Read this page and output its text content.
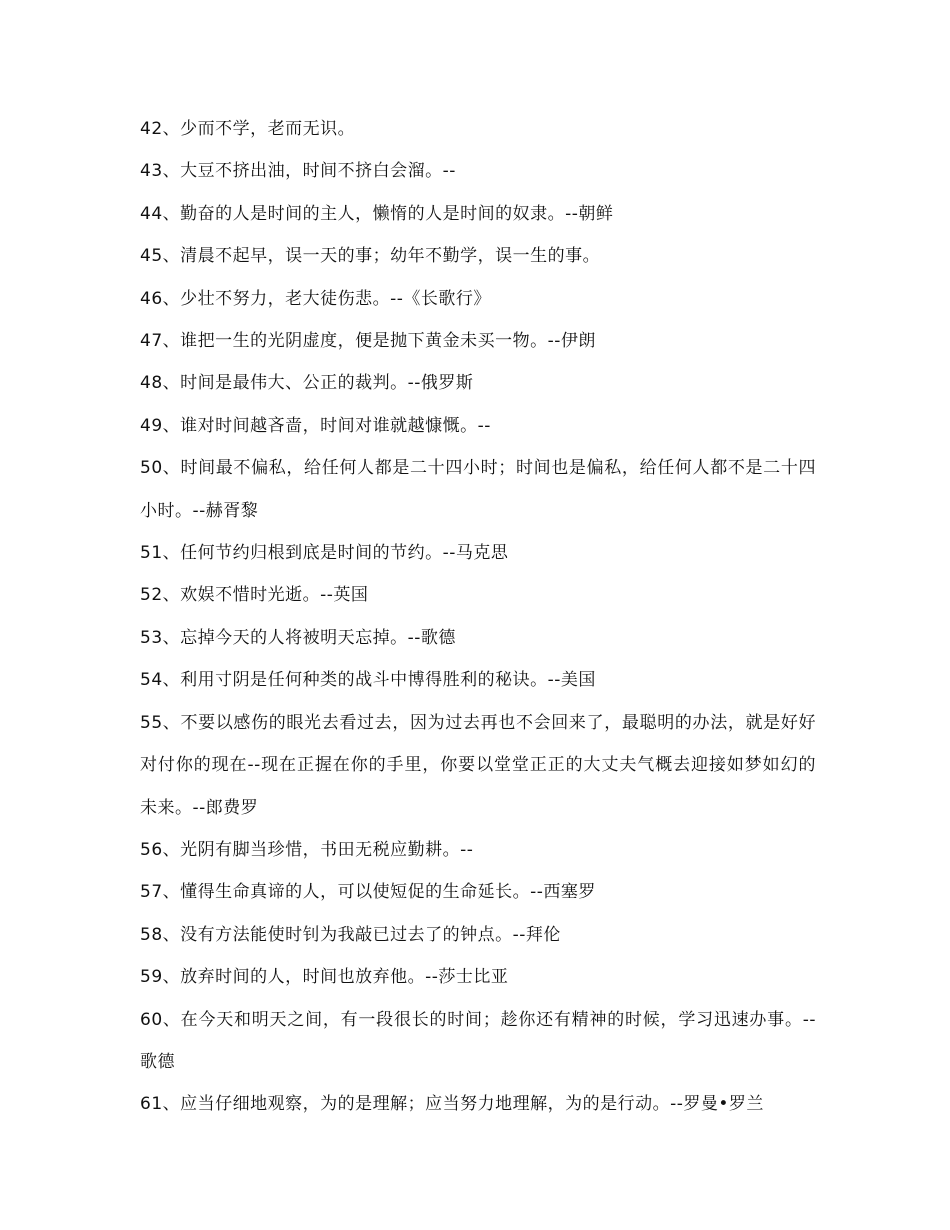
42、少而不学，老而无识。

43、大豆不挤出油，时间不挤白会溜。--

44、勤奋的人是时间的主人，懒惰的人是时间的奴隶。--朝鲜

45、清晨不起早，误一天的事；幼年不勤学，误一生的事。

46、少壮不努力，老大徒伤悲。--《长歌行》

47、谁把一生的光阴虚度，便是抛下黄金未买一物。--伊朗

48、时间是最伟大、公正的裁判。--俄罗斯

49、谁对时间越吝啬，时间对谁就越慷慨。--

50、时间最不偏私，给任何人都是二十四小时；时间也是偏私，给任何人都不是二十四小时。--赫胥黎

51、任何节约归根到底是时间的节约。--马克思

52、欢娱不惜时光逝。--英国

53、忘掉今天的人将被明天忘掉。--歌德

54、利用寸阴是任何种类的战斗中博得胜利的秘诀。--美国

55、不要以感伤的眼光去看过去，因为过去再也不会回来了，最聪明的办法，就是好好对付你的现在--现在正握在你的手里，你要以堂堂正正的大丈夫气概去迎接如梦如幻的未来。--郎费罗

56、光阴有脚当珍惜，书田无税应勤耕。--

57、懂得生命真谛的人，可以使短促的生命延长。--西塞罗

58、没有方法能使时钊为我敲已过去了的钟点。--拜伦

59、放弃时间的人，时间也放弃他。--莎士比亚

60、在今天和明天之间，有一段很长的时间；趁你还有精神的时候，学习迅速办事。--歌德

61、应当仔细地观察，为的是理解；应当努力地理解，为的是行动。--罗曼•罗兰
